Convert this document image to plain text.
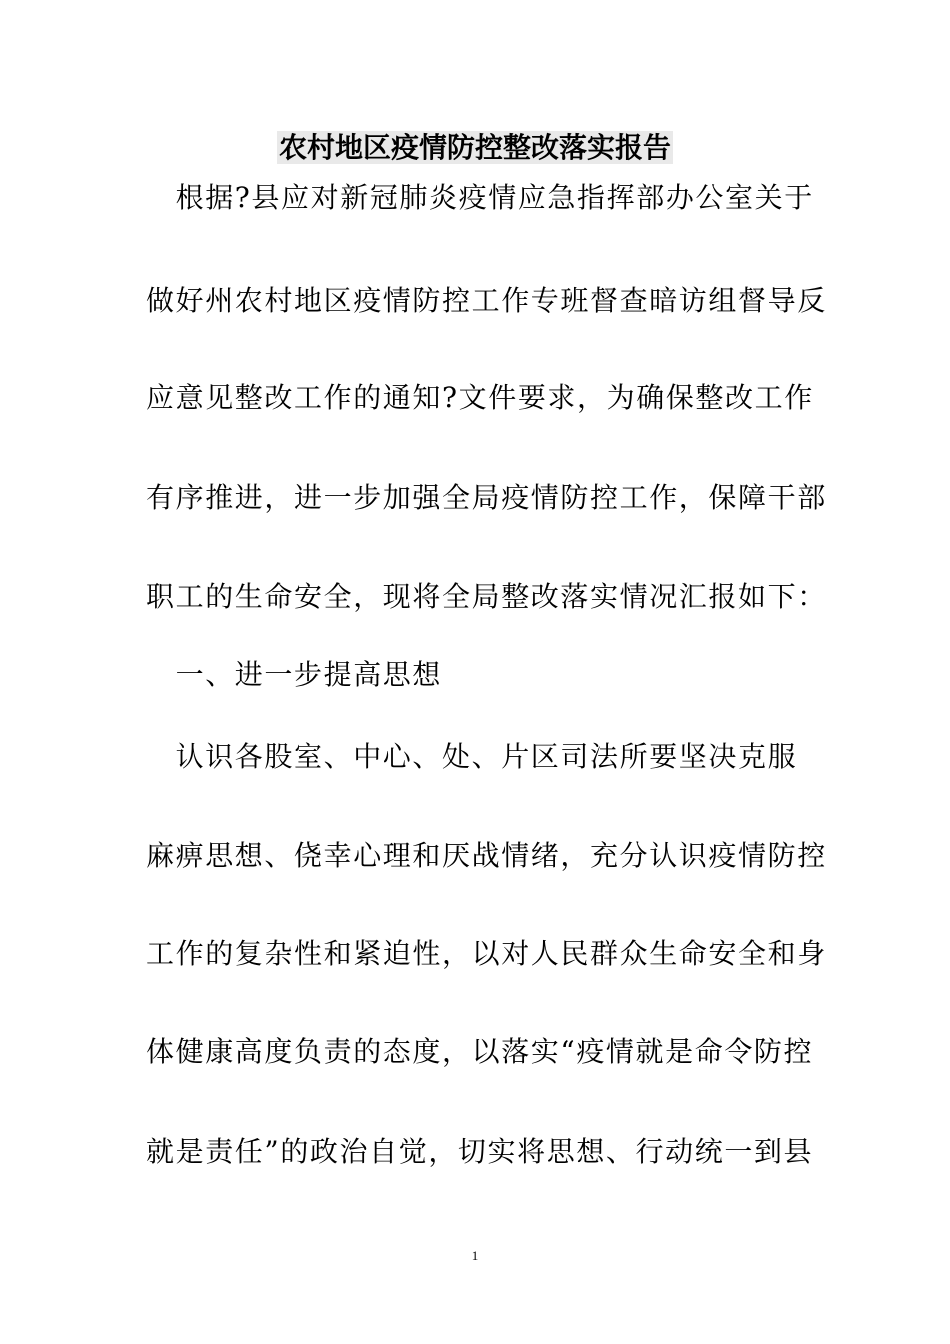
农村地区疫情防控整改落实报告
　根据?县应对新冠肺炎疫情应急指挥部办公室关于
做好州农村地区疫情防控工作专班督查暗访组督导反
应意见整改工作的通知?文件要求，为确保整改工作
有序推进，进一步加强全局疫情防控工作，保障干部
职工的生命安全，现将全局整改落实情况汇报如下：
　一、进一步提高思想
　认识各股室、中心、处、片区司法所要坚决克服
麻痹思想、侥幸心理和厌战情绪，充分认识疫情防控
工作的复杂性和紧迫性，以对人民群众生命安全和身
体健康高度负责的态度，以落实“疫情就是命令防控
就是责任”的政治自觉，切实将思想、行动统一到县
1
